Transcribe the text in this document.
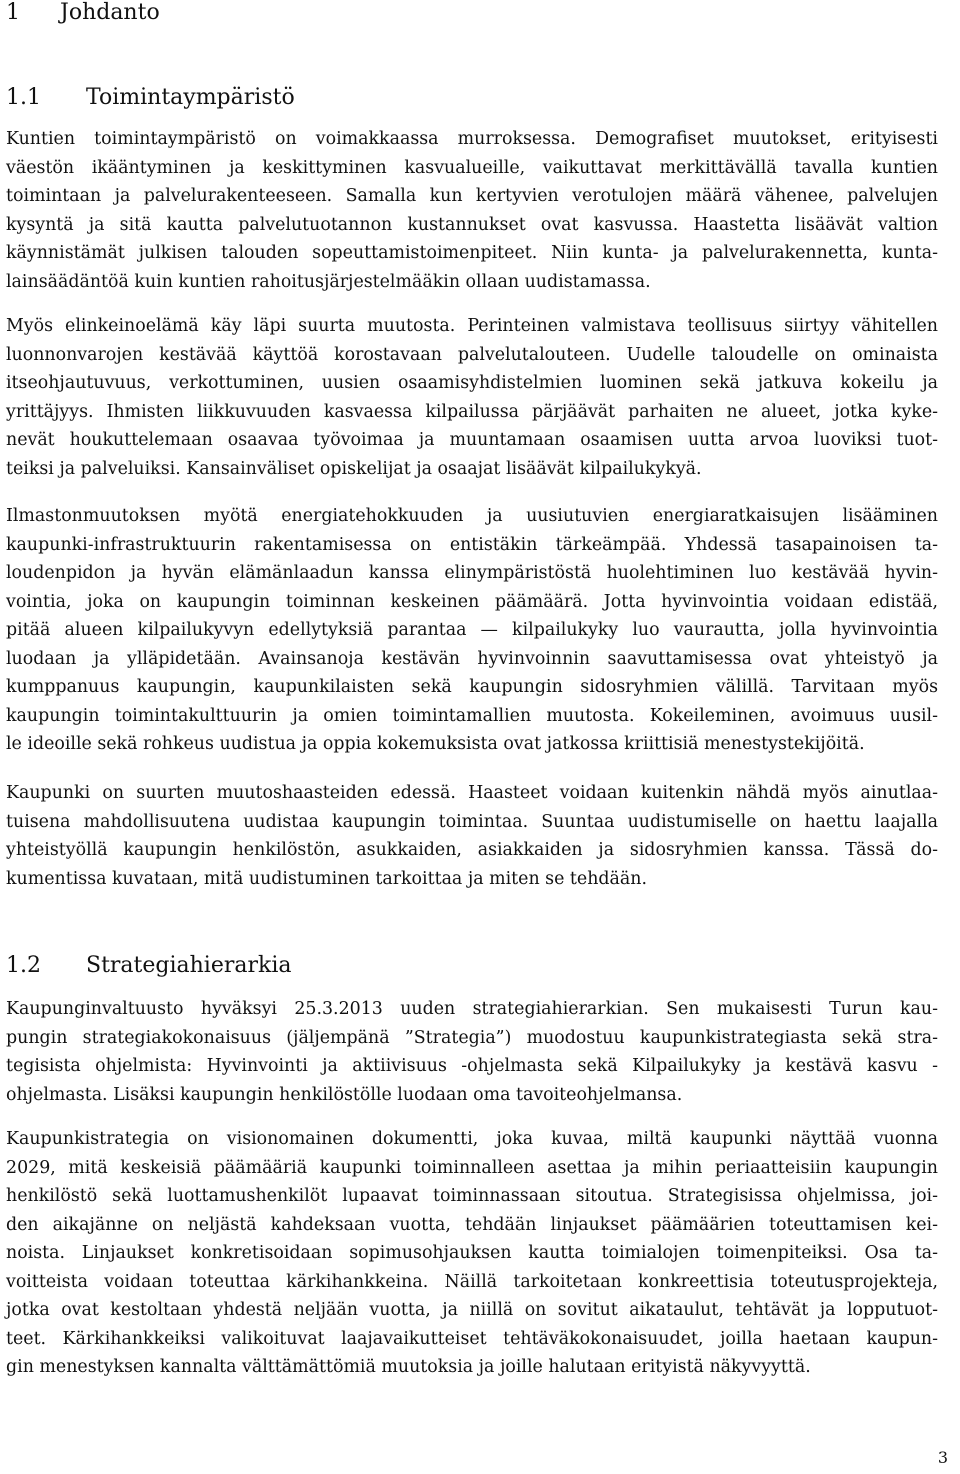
1 Johdanto
1.1 Toimintaympäristö

Kuntien toimintaympäristö on voimakkaassa murroksessa. Demografiset muutokset, erityisesti
väestön ikääntyminen ja keskittyminen kasvualueille, vaikuttavat merkittävällä tavalla kuntien
toimintaan ja palvelurakenteeseen. Samalla kun kertyvien verotulojen määrä vähenee, palvelujen
kysyntä ja sitä kautta palvelutuotannon kustannukset ovat kasvussa. Haastetta lisäävät valtion
käynnistämät julkisen talouden sopeuttamistoimenpiteet. Niin kunta- ja palvelurakennetta, kunta-
lainsäädäntöä kuin kuntien rahoitusjärjestelmääkin ollaan uudistamassa.

Myös elinkeinoelämä käy läpi suurta muutosta. Perinteinen valmistava teollisuus siirtyy vähitellen
luonnonvarojen kestävää käyttöä korostavaan palvelutalouteen. Uudelle taloudelle on ominaista
itseohjautuvuus, verkottuminen, uusien osaamisyhdistelmien luominen sekä jatkuva kokeilu ja
yrittäjyys. Ihmisten liikkuvuuden kasvaessa kilpailussa pärjäävät parhaiten ne alueet, jotka kyke-
nevät houkuttelemaan osaavaa työvoimaa ja muuntamaan osaamisen uutta arvoa luoviksi tuot-
teiksi ja palveluiksi. Kansainväliset opiskelijat ja osaajat lisäävät kilpailukykyä.

Ilmastonmuutoksen myötä energiatehokkuuden ja uusiutuvien energiaratkaisujen lisääminen
kaupunki-infrastruktuurin rakentamisessa on entistäkin tärkeämpää. Yhdessä tasapainoisen ta-
loudenpidon ja hyvän elämänlaadun kanssa elinympäristöstä huolehtiminen luo kestävää hyvin-
vointia, joka on kaupungin toiminnan keskeinen päämäärä. Jotta hyvinvointia voidaan edistää,
pitää alueen kilpailukyvyn edellytyksiä parantaa — kilpailukyky luo vaurautta, jolla hyvinvointia
luodaan ja ylläpidetään. Avainsanoja kestävän hyvinvoinnin saavuttamisessa ovat yhteistyö ja
kumppanuus kaupungin, kaupunkilaisten sekä kaupungin sidosryhmien välillä. Tarvitaan myös
kaupungin toimintakulttuurin ja omien toimintamallien muutosta. Kokeileminen, avoimuus uusil-
le ideoille sekä rohkeus uudistua ja oppia kokemuksista ovat jatkossa kriittisiä menestystekijöitä.

Kaupunki on suurten muutoshaasteiden edessä. Haasteet voidaan kuitenkin nähdä myös ainutlaa-
tuisena mahdollisuutena uudistaa kaupungin toimintaa. Suuntaa uudistumiselle on haettu laajalla
yhteistyöllä kaupungin henkilöstön, asukkaiden, asiakkaiden ja sidosryhmien kanssa. Tässä do-
kumentissa kuvataan, mitä uudistuminen tarkoittaa ja miten se tehdään.

1.2 Strategiahierarkia

Kaupunginvaltuusto hyväksyi 25.3.2013 uuden strategiahierarkian. Sen mukaisesti Turun kau-
pungin strategiakokonaisuus (jäljempänä ”Strategia”) muodostuu kaupunkistrategiasta sekä stra-
tegisista ohjelmista: Hyvinvointi ja aktiivisuus -ohjelmasta sekä Kilpailukyky ja kestävä kasvu -
ohjelmasta. Lisäksi kaupungin henkilöstölle luodaan oma tavoiteohjelmansa.

Kaupunkistrategia on visionomainen dokumentti, joka kuvaa, miltä kaupunki näyttää vuonna
2029, mitä keskeisiä päämääriä kaupunki toiminnalleen asettaa ja mihin periaatteisiin kaupungin
henkilöstö sekä luottamushenkilöt lupaavat toiminnassaan sitoutua. Strategisissa ohjelmissa, joi-
den aikajänne on neljästä kahdeksaan vuotta, tehdään linjaukset päämäärien toteuttamisen kei-
noista. Linjaukset konkretisoidaan sopimusohjauksen kautta toimialojen toimenpiteiksi. Osa ta-
voitteista voidaan toteuttaa kärkihankkeina. Näillä tarkoitetaan konkreettisia toteutusprojekteja,
jotka ovat kestoltaan yhdestä neljään vuotta, ja niillä on sovitut aikataulut, tehtävät ja lopputuot-
teet. Kärkihankkeiksi valikoituvat laajavaikutteiset tehtäväkokonaisuudet, joilla haetaan kaupun-
gin menestyksen kannalta välttämättömiä muutoksia ja joille halutaan erityistä näkyvyyttä.

3
